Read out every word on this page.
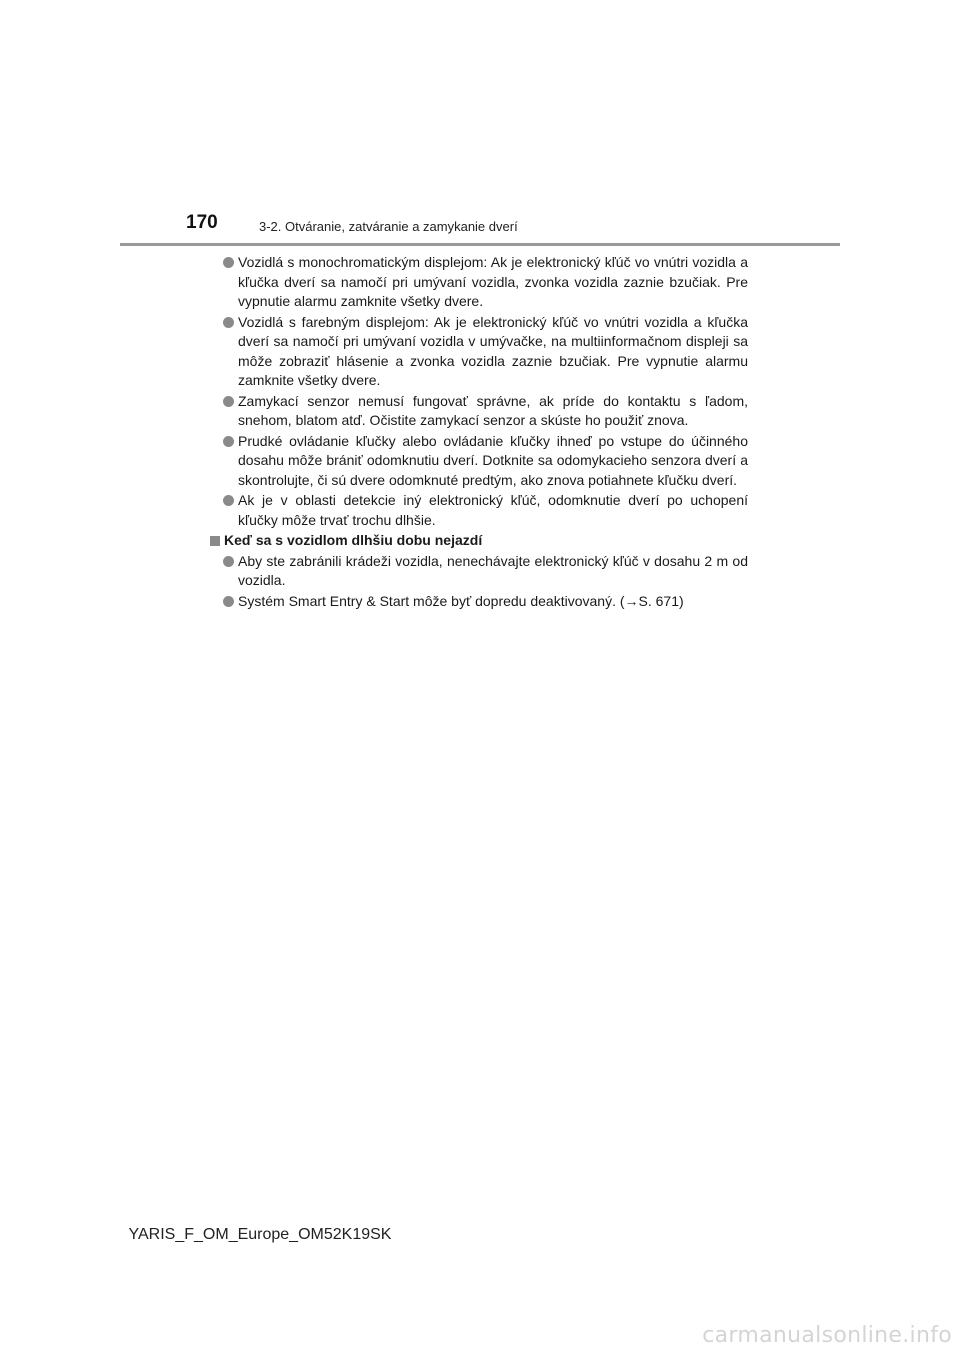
170	3-2. Otváranie, zatváranie a zamykanie dverí
Vozidlá s monochromatickým displejom: Ak je elektronický kľúč vo vnútri vozidla a kľučka dverí sa namočí pri umývaní vozidla, zvonka vozidla zaznie bzučiak. Pre vypnutie alarmu zamknite všetky dvere.
Vozidlá s farebným displejom: Ak je elektronický kľúč vo vnútri vozidla a kľučka dverí sa namočí pri umývaní vozidla v umývačke, na multiinformačnom displeji sa môže zobraziť hlásenie a zvonka vozidla zaznie bzučiak. Pre vypnutie alarmu zamknite všetky dvere.
Zamykací senzor nemusí fungovať správne, ak príde do kontaktu s ľadom, snehom, blatom atď. Očistite zamykací senzor a skúste ho použiť znova.
Prudké ovládanie kľučky alebo ovládanie kľučky ihneď po vstupe do účinného dosahu môže brániť odomknutiu dverí. Dotknite sa odomykacieho senzora dverí a skontrolujte, či sú dvere odomknuté predtým, ako znova potiahnete kľučku dverí.
Ak je v oblasti detekcie iný elektronický kľúč, odomknutie dverí po uchopení kľučky môže trvať trochu dlhšie.
Keď sa s vozidlom dlhšiu dobu nejazdí
Aby ste zabránili krádeži vozidla, nenechávajte elektronický kľúč v dosahu 2 m od vozidla.
Systém Smart Entry & Start môže byť dopredu deaktivovaný. (→S. 671)
YARIS_F_OM_Europe_OM52K19SK
carmanualsonline.info
